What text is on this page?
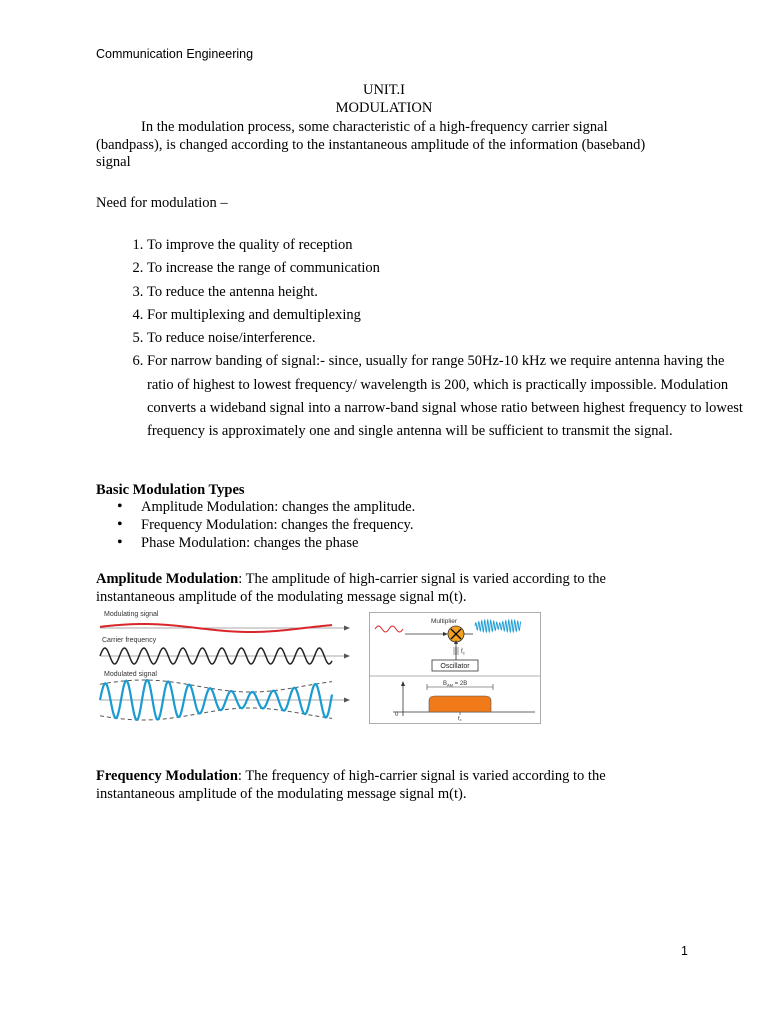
Communication Engineering
UNIT.I
MODULATION
In the modulation process, some characteristic of a high-frequency carrier signal (bandpass), is changed according to the instantaneous amplitude of the information (baseband) signal
Need for modulation –
1. To improve the quality of reception
2. To increase the range of communication
3. To reduce the antenna height.
4. For multiplexing and demultiplexing
5. To reduce noise/interference.
6. For narrow banding of signal:- since, usually for range 50Hz-10 kHz we require antenna having the ratio of highest to lowest frequency/ wavelength is 200, which is practically impossible. Modulation converts a wideband signal into a narrow-band signal whose ratio between highest frequency to lowest frequency is approximately one and single antenna will be sufficient to transmit the signal.
Basic Modulation Types
• Amplitude Modulation: changes the amplitude.
• Frequency Modulation: changes the frequency.
• Phase Modulation: changes the phase
Amplitude Modulation: The amplitude of high-carrier signal is varied according to the instantaneous amplitude of the modulating message signal m(t).
Modulating signal
Carrier frequency
Modulated signal
Multiplier
$f_c$
Oscillator
0
$B_{AM} = 2B$
$f_c$
Frequency Modulation: The frequency of high-carrier signal is varied according to the instantaneous amplitude of the modulating message signal m(t).
1
